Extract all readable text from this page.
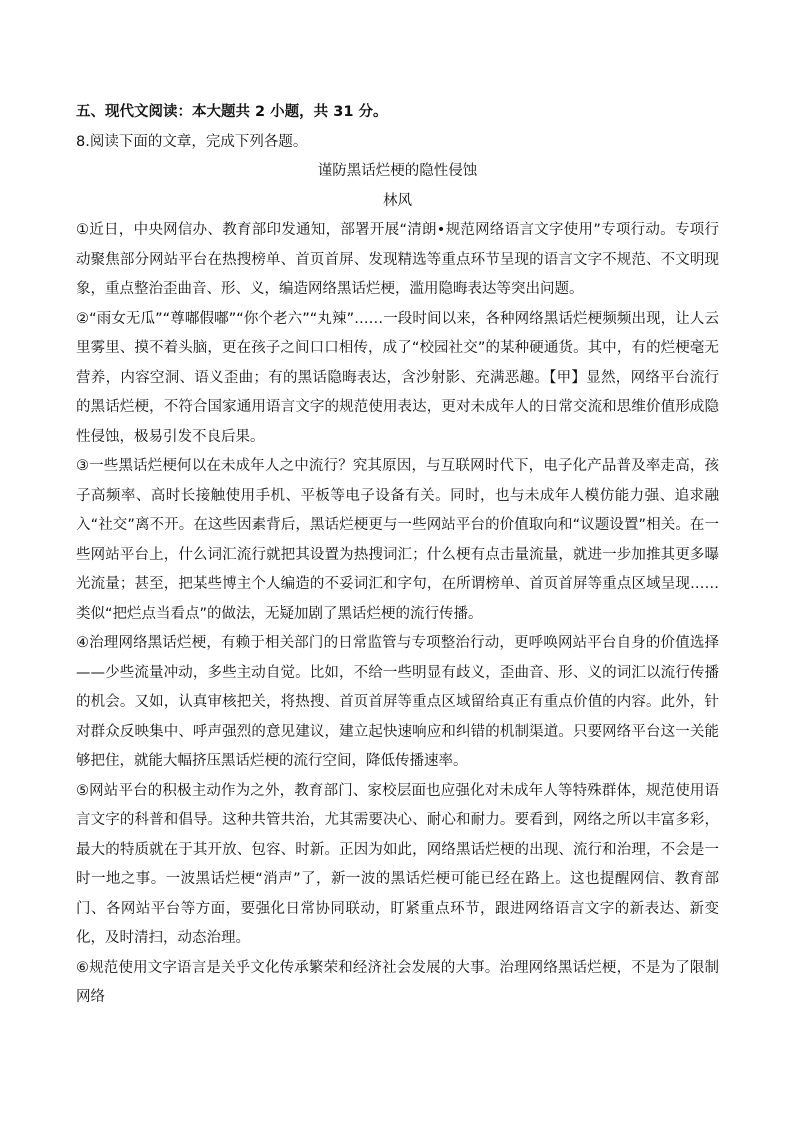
五、现代文阅读：本大题共 2 小题，共 31 分。

8.阅读下面的文章，完成下列各题。

谨防黑话烂梗的隐性侵蚀

林风

①近日，中央网信办、教育部印发通知，部署开展“清朗•规范网络语言文字使用”专项行动。专项行动聚焦部分网站平台在热搜榜单、首页首屏、发现精选等重点环节呈现的语言文字不规范、不文明现象，重点整治歪曲音、形、义，编造网络黑话烂梗，滥用隐晦表达等突出问题。

②“雨女无瓜”“尊嘟假嘟”“你个老六”“丸辣”……一段时间以来，各种网络黑话烂梗频频出现，让人云里雾里、摸不着头脑，更在孩子之间口口相传，成了“校园社交”的某种硬通货。其中，有的烂梗毫无营养，内容空洞、语义歪曲；有的黑话隐晦表达，含沙射影、充满恶趣。【甲】显然，网络平台流行的黑话烂梗，不符合国家通用语言文字的规范使用表达，更对未成年人的日常交流和思维价值形成隐性侵蚀，极易引发不良后果。

③一些黑话烂梗何以在未成年人之中流行？究其原因，与互联网时代下，电子化产品普及率走高，孩子高频率、高时长接触使用手机、平板等电子设备有关。同时，也与未成年人模仿能力强、追求融入“社交”离不开。在这些因素背后，黑话烂梗更与一些网站平台的价值取向和“议题设置”相关。在一些网站平台上，什么词汇流行就把其设置为热搜词汇；什么梗有点击量流量，就进一步加推其更多曝光流量；甚至，把某些博主个人编造的不妥词汇和字句，在所谓榜单、首页首屏等重点区域呈现……类似“把烂点当看点”的做法，无疑加剧了黑话烂梗的流行传播。

④治理网络黑话烂梗，有赖于相关部门的日常监管与专项整治行动，更呼唤网站平台自身的价值选择——少些流量冲动，多些主动自觉。比如，不给一些明显有歧义，歪曲音、形、义的词汇以流行传播的机会。又如，认真审核把关，将热搜、首页首屏等重点区域留给真正有重点价值的内容。此外，针对群众反映集中、呼声强烈的意见建议，建立起快速响应和纠错的机制渠道。只要网络平台这一关能够把住，就能大幅挤压黑话烂梗的流行空间，降低传播速率。

⑤网站平台的积极主动作为之外，教育部门、家校层面也应强化对未成年人等特殊群体，规范使用语言文字的科普和倡导。这种共管共治，尤其需要决心、耐心和耐力。要看到，网络之所以丰富多彩，最大的特质就在于其开放、包容、时新。正因为如此，网络黑话烂梗的出现、流行和治理，不会是一时一地之事。一波黑话烂梗“消声”了，新一波的黑话烂梗可能已经在路上。这也提醒网信、教育部门、各网站平台等方面，要强化日常协同联动，盯紧重点环节，跟进网络语言文字的新表达、新变化，及时清扫，动态治理。

⑥规范使用文字语言是关乎文化传承繁荣和经济社会发展的大事。治理网络黑话烂梗，不是为了限制网络
